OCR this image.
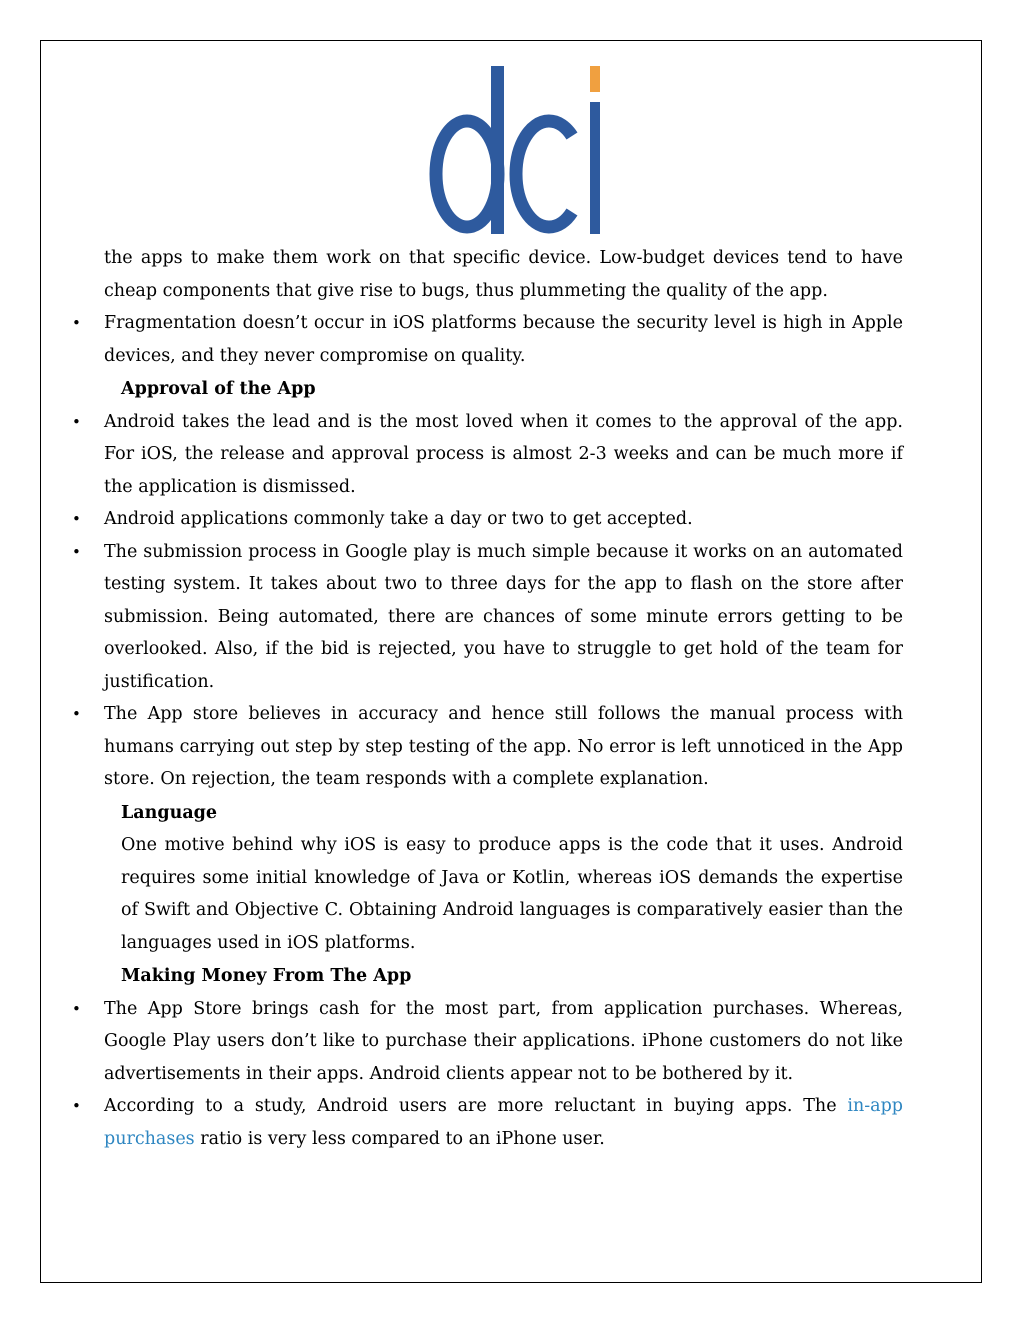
the apps to make them work on that specific device. Low-budget devices tend to have cheap components that give rise to bugs, thus plummeting the quality of the app.

• Fragmentation doesn’t occur in iOS platforms because the security level is high in Apple devices, and they never compromise on quality.
Approval of the App
• Android takes the lead and is the most loved when it comes to the approval of the app. For iOS, the release and approval process is almost 2-3 weeks and can be much more if the application is dismissed.
• Android applications commonly take a day or two to get accepted.
• The submission process in Google play is much simple because it works on an automated testing system. It takes about two to three days for the app to flash on the store after submission. Being automated, there are chances of some minute errors getting to be overlooked. Also, if the bid is rejected, you have to struggle to get hold of the team for justification.
• The App store believes in accuracy and hence still follows the manual process with humans carrying out step by step testing of the app. No error is left unnoticed in the App store. On rejection, the team responds with a complete explanation.
Language

One motive behind why iOS is easy to produce apps is the code that it uses. Android requires some initial knowledge of Java or Kotlin, whereas iOS demands the expertise of Swift and Objective C. Obtaining Android languages is comparatively easier than the languages used in iOS platforms.

Making Money From The App
• The App Store brings cash for the most part, from application purchases. Whereas, Google Play users don’t like to purchase their applications. iPhone customers do not like advertisements in their apps. Android clients appear not to be bothered by it.
• According to a study, Android users are more reluctant in buying apps. The in-app purchases ratio is very less compared to an iPhone user.
